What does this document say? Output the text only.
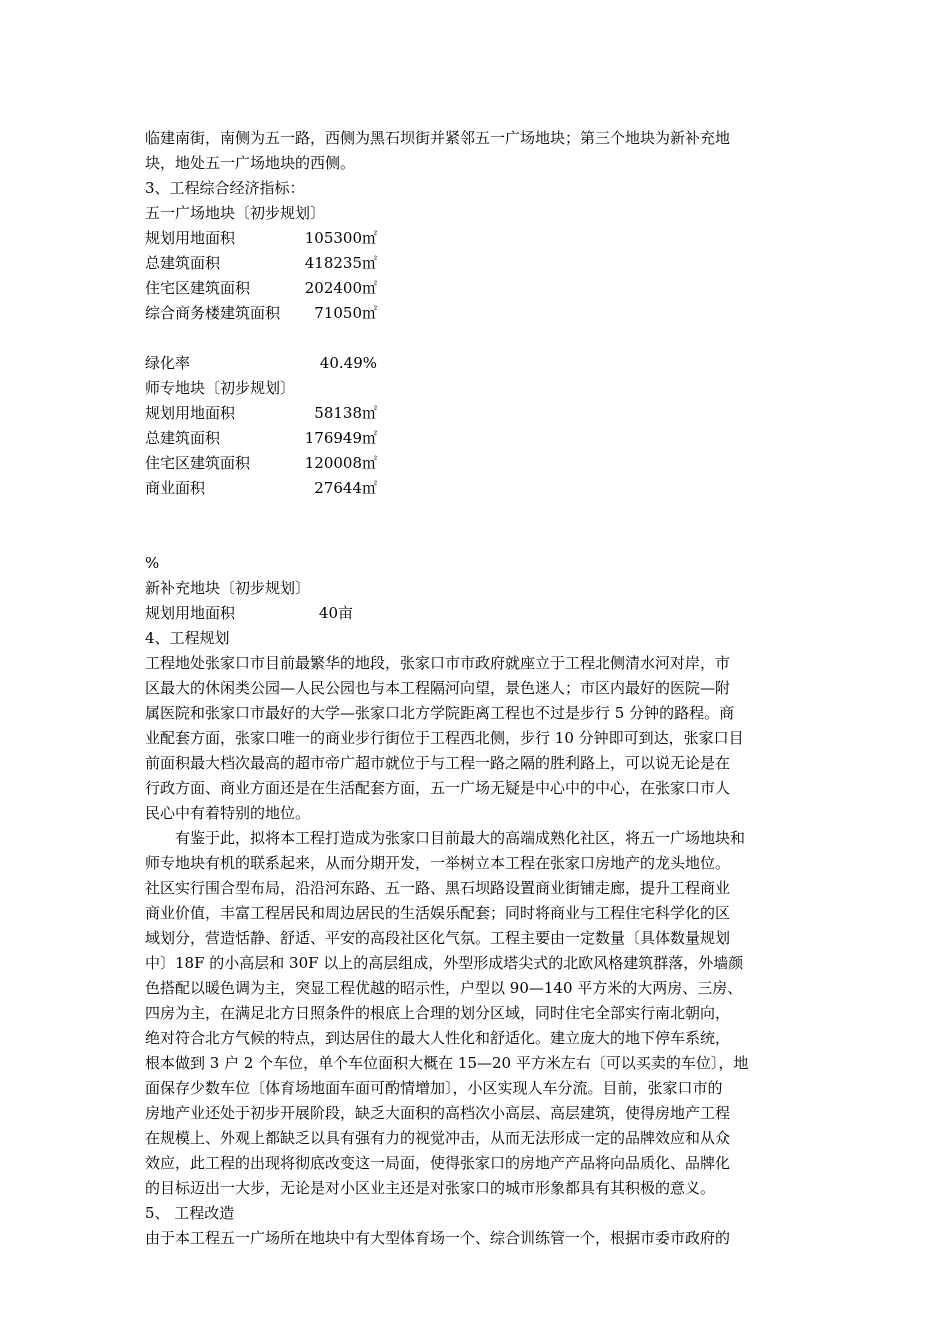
临建南街，南侧为五一路，西侧为黑石坝街并紧邻五一广场地块；第三个地块为新补充地
块，地处五一广场地块的西侧。
3、工程综合经济指标：
五一广场地块〔初步规划〕
规划用地面积	105300㎡
总建筑面积	418235㎡
住宅区建筑面积	202400㎡
综合商务楼建筑面积 71050㎡
绿化率	40.49%
师专地块〔初步规划〕
规划用地面积	58138㎡
总建筑面积	176949㎡
住宅区建筑面积	120008㎡
商业面积	27644㎡
%
新补充地块〔初步规划〕
规划用地面积	40亩
4、工程规划
工程地处张家口市目前最繁华的地段，张家口市市政府就座立于工程北侧清水河对岸，市
区最大的休闲类公园—人民公园也与本工程隔河向望，景色迷人；市区内最好的医院—附
属医院和张家口市最好的大学—张家口北方学院距离工程也不过是步行 5 分钟的路程。商
业配套方面，张家口唯一的商业步行街位于工程西北侧，步行 10 分钟即可到达，张家口目
前面积最大档次最高的超市帝广超市就位于与工程一路之隔的胜利路上，可以说无论是在
行政方面、商业方面还是在生活配套方面，五一广场无疑是中心中的中心，在张家口市人
民心中有着特别的地位。
有鉴于此，拟将本工程打造成为张家口目前最大的高端成熟化社区，将五一广场地块和
师专地块有机的联系起来，从而分期开发，一举树立本工程在张家口房地产的龙头地位。
社区实行围合型布局，沿沿河东路、五一路、黑石坝路设置商业街铺走廊，提升工程商业
商业价值，丰富工程居民和周边居民的生活娱乐配套；同时将商业与工程住宅科学化的区
域划分，营造恬静、舒适、平安的高段社区化气氛。工程主要由一定数量〔具体数量规划
中〕18F 的小高层和 30F 以上的高层组成，外型形成塔尖式的北欧风格建筑群落，外墙颜
色搭配以暖色调为主，突显工程优越的昭示性，户型以 90—140 平方米的大两房、三房、
四房为主，在满足北方日照条件的根底上合理的划分区域，同时住宅全部实行南北朝向，
绝对符合北方气候的特点，到达居住的最大人性化和舒适化。建立庞大的地下停车系统，
根本做到 3 户 2 个车位，单个车位面积大概在 15—20 平方米左右〔可以买卖的车位〕，地
面保存少数车位〔体育场地面车面可酌情增加〕，小区实现人车分流。目前，张家口市的
房地产业还处于初步开展阶段，缺乏大面积的高档次小高层、高层建筑，使得房地产工程
在规模上、外观上都缺乏以具有强有力的视觉冲击，从而无法形成一定的品牌效应和从众
效应，此工程的出现将彻底改变这一局面，使得张家口的房地产产品将向品质化、品牌化
的目标迈出一大步，无论是对小区业主还是对张家口的城市形象都具有其积极的意义。
5、 工程改造
由于本工程五一广场所在地块中有大型体育场一个、综合训练管一个，根据市委市政府的
